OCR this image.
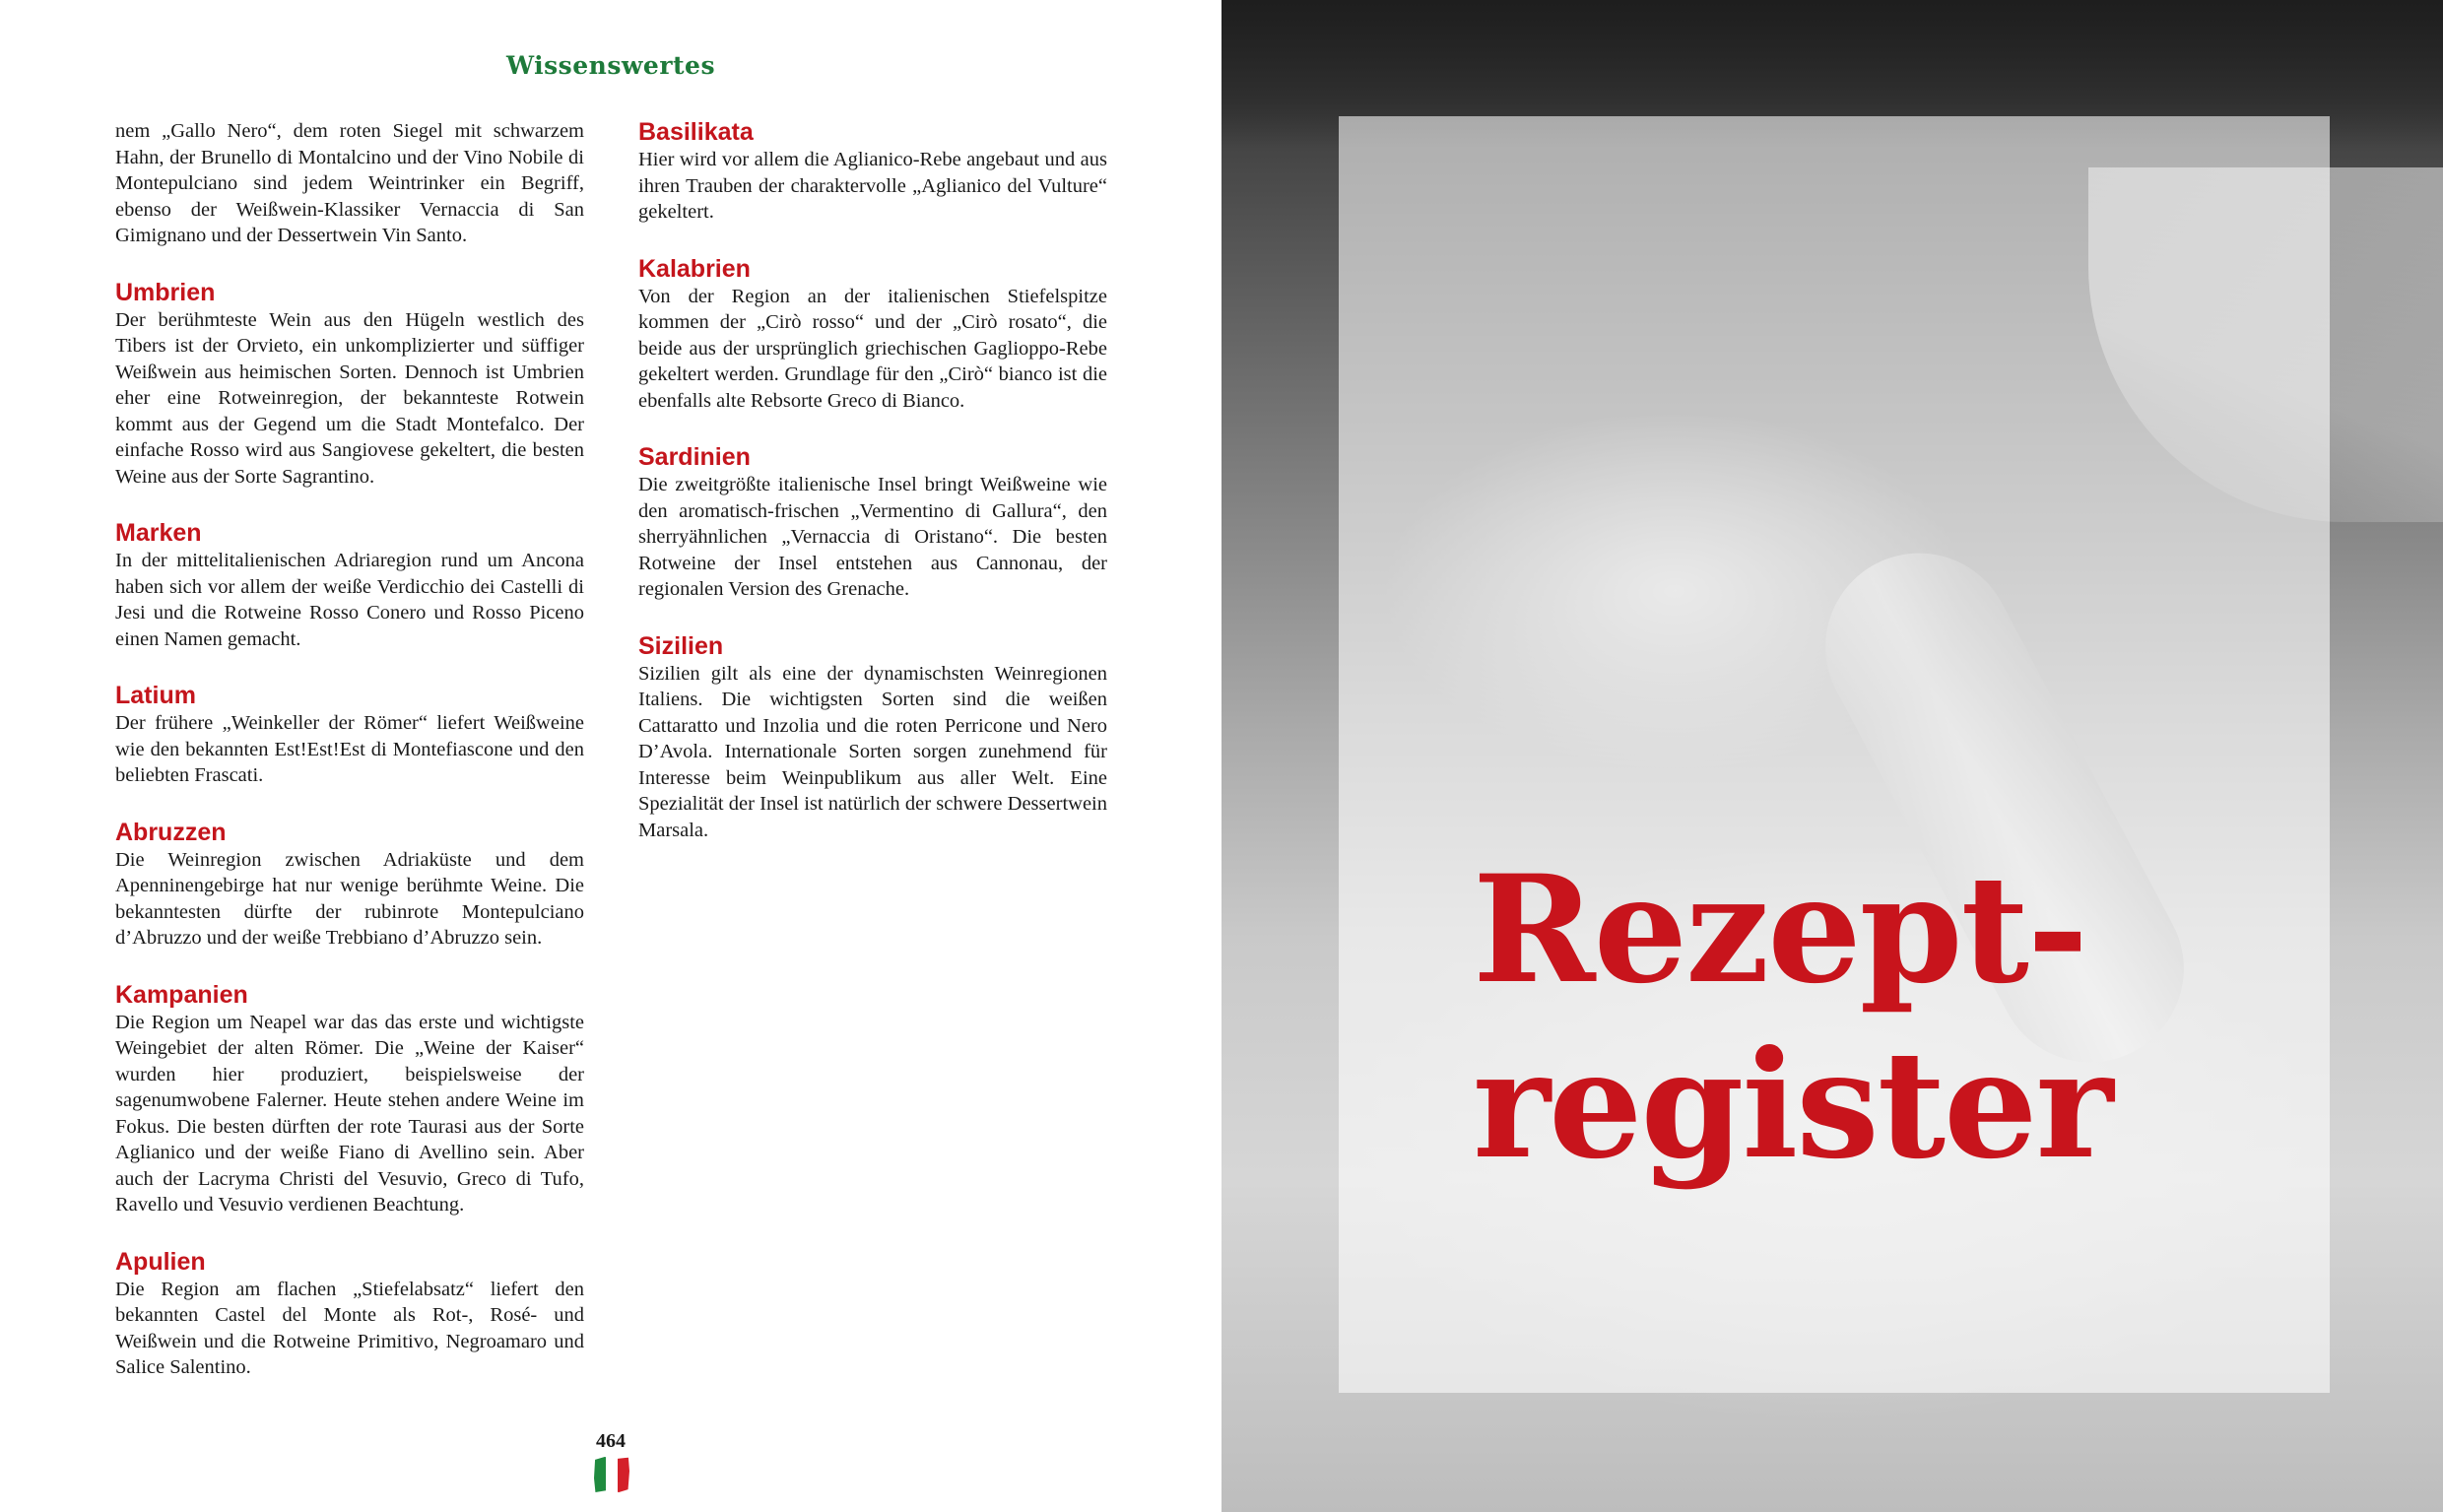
Wissenswertes

nem „Gallo Nero“, dem roten Siegel mit schwarzem Hahn, der Brunello di Montalcino und der Vino Nobile di Montepulciano sind jedem Weintrinker ein Begriff, ebenso der Weißwein-Klassiker Vernaccia di San Gimignano und der Dessertwein Vin Santo.

Umbrien

Der berühmteste Wein aus den Hügeln westlich des Tibers ist der Orvieto, ein unkomplizierter und süffiger Weißwein aus heimischen Sorten. Dennoch ist Umbrien eher eine Rotweinregion, der bekannteste Rotwein kommt aus der Gegend um die Stadt Montefalco. Der einfache Rosso wird aus Sangiovese gekeltert, die besten Weine aus der Sorte Sagrantino.

Marken

In der mittelitalienischen Adriaregion rund um Ancona haben sich vor allem der weiße Verdicchio dei Castelli di Jesi und die Rotweine Rosso Conero und Rosso Piceno einen Namen gemacht.

Latium

Der frühere „Weinkeller der Römer“ liefert Weißweine wie den bekannten Est!Est!Est di Montefiascone und den beliebten Frascati.

Abruzzen

Die Weinregion zwischen Adriaküste und dem Apenninengebirge hat nur wenige berühmte Weine. Die bekanntesten dürfte der rubinrote Montepulciano d’Abruzzo und der weiße Trebbiano d’Abruzzo sein.

Kampanien

Die Region um Neapel war das das erste und wichtigste Weingebiet der alten Römer. Die „Weine der Kaiser“ wurden hier produziert, beispielsweise der sagenumwobene Falerner. Heute stehen andere Weine im Fokus. Die besten dürften der rote Taurasi aus der Sorte Aglianico und der weiße Fiano di Avellino sein. Aber auch der Lacryma Christi del Vesuvio, Greco di Tufo, Ravello und Vesuvio verdienen Beachtung.

Apulien

Die Region am flachen „Stiefelabsatz“ liefert den bekannten Castel del Monte als Rot-, Rosé- und Weißwein und die Rotweine Primitivo, Negroamaro und Salice Salentino.

Basilikata

Hier wird vor allem die Aglianico-Rebe angebaut und aus ihren Trauben der charaktervolle „Aglianico del Vulture“ gekeltert.

Kalabrien

Von der Region an der italienischen Stiefelspitze kommen der „Cirò rosso“ und der „Cirò rosato“, die beide aus der ursprünglich griechischen Gaglioppo-Rebe gekeltert werden. Grundlage für den „Cirò“ bianco ist die ebenfalls alte Rebsorte Greco di Bianco.

Sardinien

Die zweitgrößte italienische Insel bringt Weißweine wie den aromatisch-frischen „Vermentino di Gallura“, den sherryähnlichen „Vernaccia di Oristano“. Die besten Rotweine der Insel entstehen aus Cannonau, der regionalen Version des Grenache.

Sizilien

Sizilien gilt als eine der dynamischsten Weinregionen Italiens. Die wichtigsten Sorten sind die weißen Cattaratto und Inzolia und die roten Perricone und Nero D’Avola. Internationale Sorten sorgen zunehmend für Interesse beim Weinpublikum aus aller Welt. Eine Spezialität der Insel ist natürlich der schwere Dessertwein Marsala.

464
Rezept-
register
